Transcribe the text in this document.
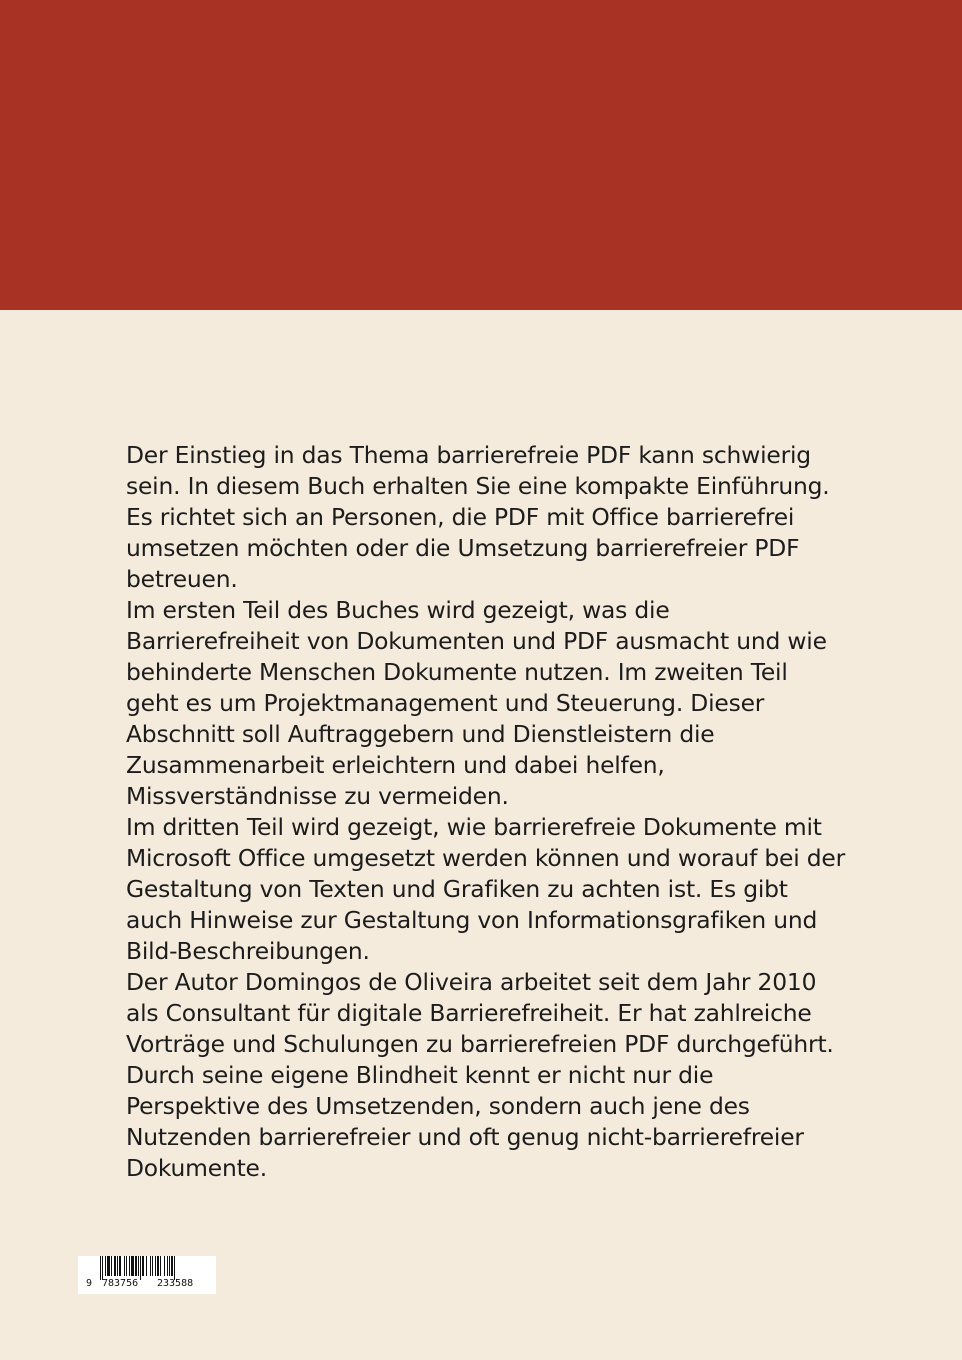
Der Einstieg in das Thema barrierefreie PDF kann schwierig sein. In diesem Buch erhalten Sie eine kompakte Einführung. Es richtet sich an Personen, die PDF mit Office barrierefrei umsetzen möchten oder die Umsetzung barrierefreier PDF betreuen.

Im ersten Teil des Buches wird gezeigt, was die Barrierefreiheit von Dokumenten und PDF ausmacht und wie behinderte Menschen Dokumente nutzen. Im zweiten Teil geht es um Projektmanagement und Steuerung. Dieser Abschnitt soll Auftraggebern und Dienstleistern die Zusammenarbeit erleichtern und dabei helfen, Missverständnisse zu vermeiden.

Im dritten Teil wird gezeigt, wie barrierefreie Dokumente mit Microsoft Office umgesetzt werden können und worauf bei der Gestaltung von Texten und Grafiken zu achten ist. Es gibt auch Hinweise zur Gestaltung von Informationsgrafiken und Bild-Beschreibungen.

Der Autor Domingos de Oliveira arbeitet seit dem Jahr 2010 als Consultant für digitale Barrierefreiheit. Er hat zahlreiche Vorträge und Schulungen zu barrierefreien PDF durchgeführt. Durch seine eigene Blindheit kennt er nicht nur die Perspektive des Umsetzenden, sondern auch jene des Nutzenden barrierefreier und oft genug nicht-barrierefreier Dokumente.

9 783756 233588
